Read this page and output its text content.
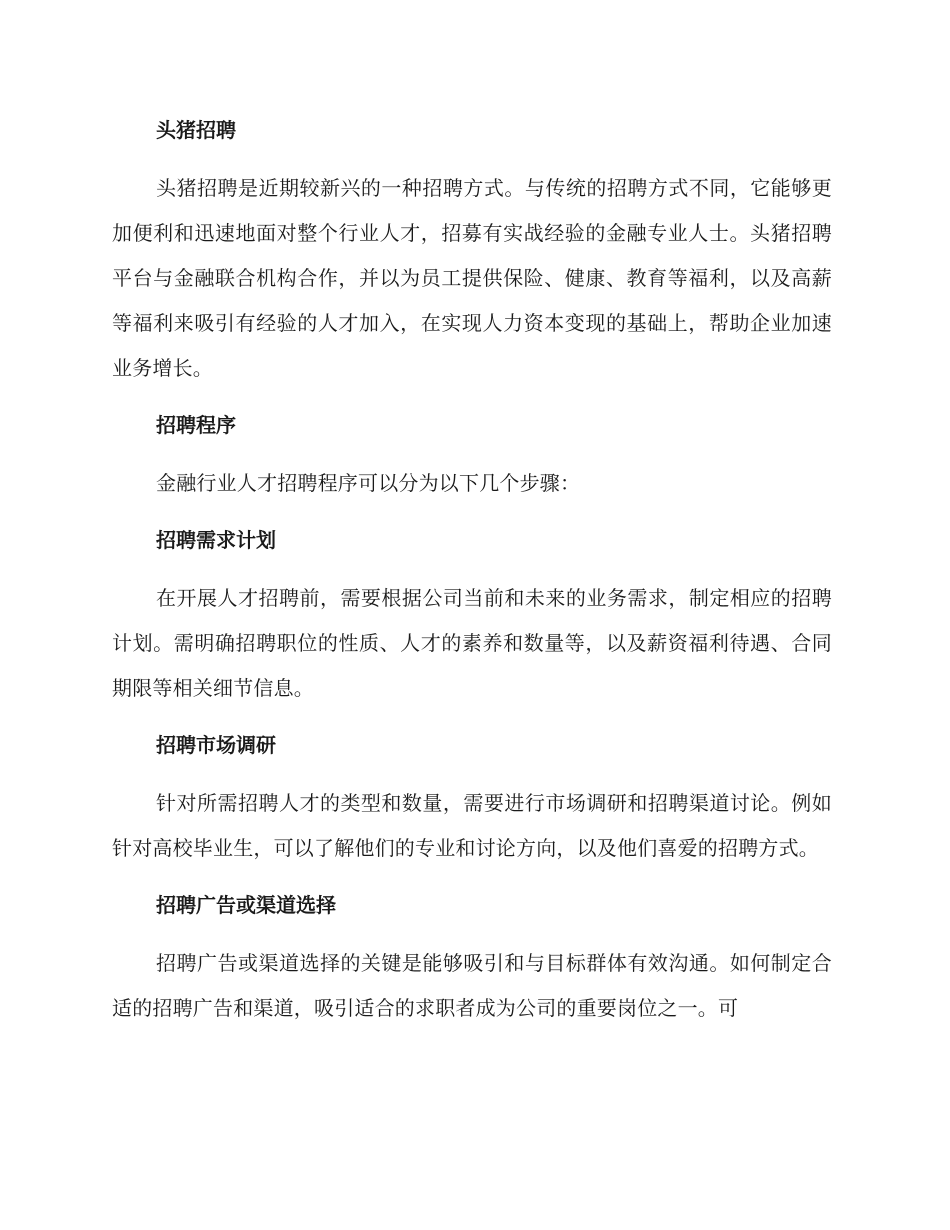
头猪招聘

头猪招聘是近期较新兴的一种招聘方式。与传统的招聘方式不同，它能够更加便利和迅速地面对整个行业人才，招募有实战经验的金融专业人士。头猪招聘平台与金融联合机构合作，并以为员工提供保险、健康、教育等福利，以及高薪等福利来吸引有经验的人才加入，在实现人力资本变现的基础上，帮助企业加速业务增长。

招聘程序

金融行业人才招聘程序可以分为以下几个步骤：

招聘需求计划

在开展人才招聘前，需要根据公司当前和未来的业务需求，制定相应的招聘计划。需明确招聘职位的性质、人才的素养和数量等，以及薪资福利待遇、合同期限等相关细节信息。

招聘市场调研

针对所需招聘人才的类型和数量，需要进行市场调研和招聘渠道讨论。例如针对高校毕业生，可以了解他们的专业和讨论方向，以及他们喜爱的招聘方式。

招聘广告或渠道选择

招聘广告或渠道选择的关键是能够吸引和与目标群体有效沟通。如何制定合适的招聘广告和渠道，吸引适合的求职者成为公司的重要岗位之一。可
